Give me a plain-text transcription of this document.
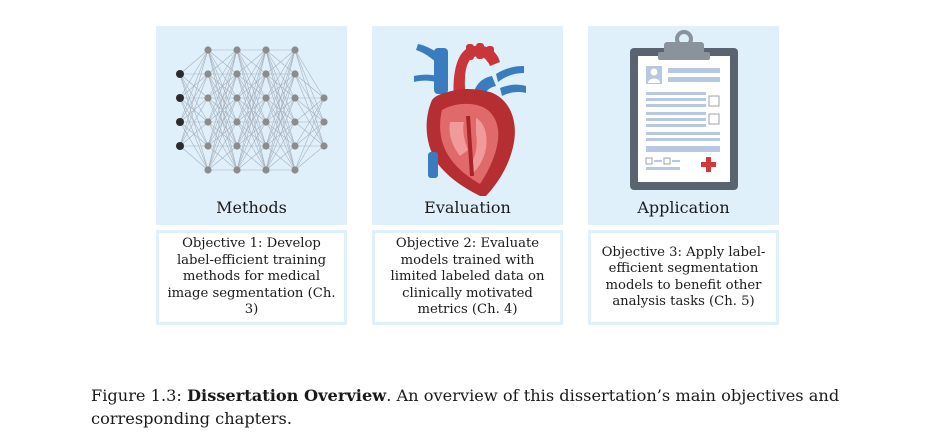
Methods
Objective 1: Develop label-efficient training methods for medical image segmentation (Ch. 3)
Evaluation
Objective 2: Evaluate models trained with limited labeled data on clinically motivated metrics (Ch. 4)
Application
Objective 3: Apply label-efficient segmentation models to benefit other analysis tasks (Ch. 5)
Figure 1.3: Dissertation Overview. An overview of this dissertation’s main objectives and corresponding chapters.
